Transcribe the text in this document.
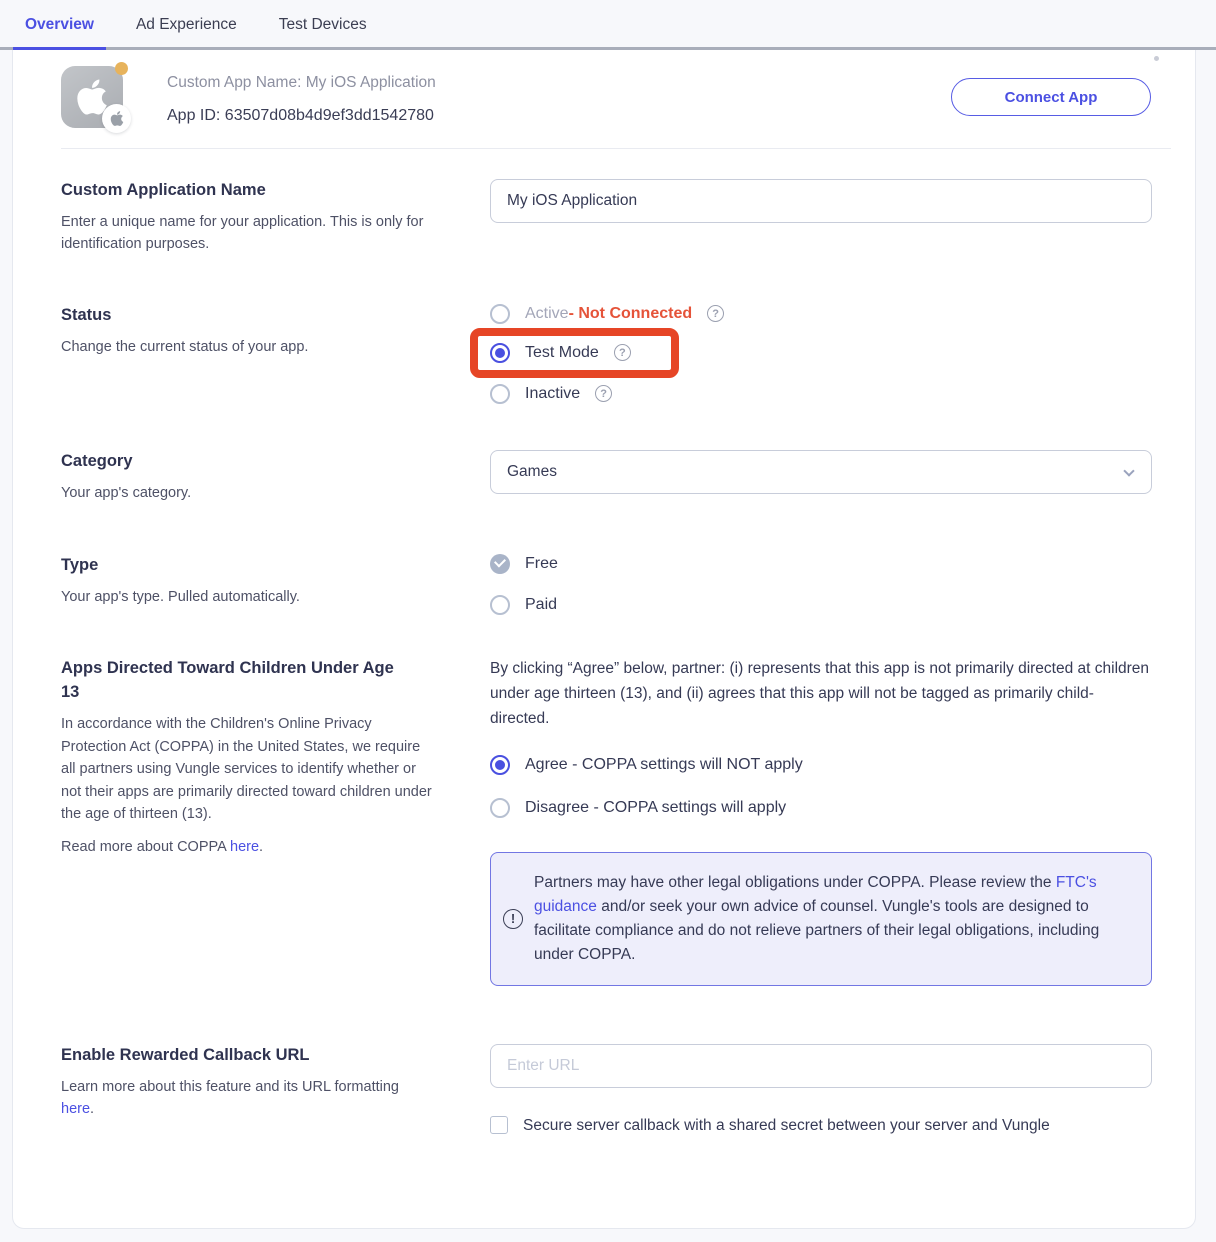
Overview	Ad Experience	Test Devices
Custom App Name: My iOS Application
App ID: 63507d08b4d9ef3dd1542780
Connect App
Custom Application Name
Enter a unique name for your application. This is only for identification purposes.
My iOS Application
Status
Change the current status of your app.
Active - Not Connected	?
Test Mode	?
Inactive	?
Category
Your app's category.
Games
Type
Your app's type. Pulled automatically.
Free
Paid
Apps Directed Toward Children Under Age 13
In accordance with the Children's Online Privacy Protection Act (COPPA) in the United States, we require all partners using Vungle services to identify whether or not their apps are primarily directed toward children under the age of thirteen (13).
Read more about COPPA here.

By clicking “Agree” below, partner: (i) represents that this app is not primarily directed at children under age thirteen (13), and (ii) agrees that this app will not be tagged as primarily child-directed.

Agree - COPPA settings will NOT apply
Disagree - COPPA settings will apply
!
Partners may have other legal obligations under COPPA. Please review the FTC's guidance and/or seek your own advice of counsel. Vungle's tools are designed to facilitate compliance and do not relieve partners of their legal obligations, including under COPPA.
Enable Rewarded Callback URL
Learn more about this feature and its URL formatting
here.
Enter URL
Secure server callback with a shared secret between your server and Vungle
